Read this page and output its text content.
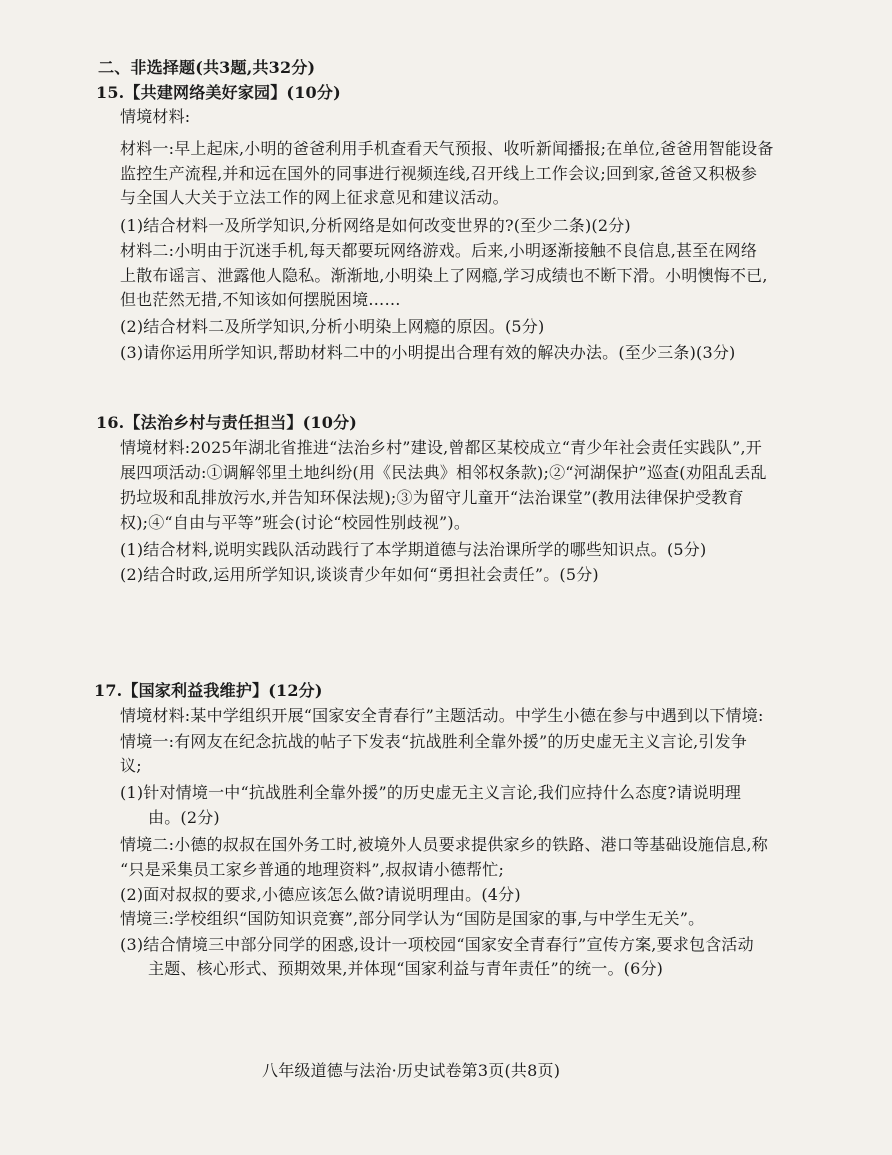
二、非选择题(共3题,共32分)
15.【共建网络美好家园】(10分)
情境材料:
材料一:早上起床,小明的爸爸利用手机查看天气预报、收听新闻播报;在单位,爸爸用智能设备
监控生产流程,并和远在国外的同事进行视频连线,召开线上工作会议;回到家,爸爸又积极参
与全国人大关于立法工作的网上征求意见和建议活动。
(1)结合材料一及所学知识,分析网络是如何改变世界的?(至少二条)(2分)
材料二:小明由于沉迷手机,每天都要玩网络游戏。后来,小明逐渐接触不良信息,甚至在网络
上散布谣言、泄露他人隐私。渐渐地,小明染上了网瘾,学习成绩也不断下滑。小明懊悔不已,
但也茫然无措,不知该如何摆脱困境……
(2)结合材料二及所学知识,分析小明染上网瘾的原因。(5分)
(3)请你运用所学知识,帮助材料二中的小明提出合理有效的解决办法。(至少三条)(3分)
16.【法治乡村与责任担当】(10分)
情境材料:2025年湖北省推进“法治乡村”建设,曾都区某校成立“青少年社会责任实践队”,开
展四项活动:①调解邻里土地纠纷(用《民法典》相邻权条款);②“河湖保护”巡查(劝阻乱丢乱
扔垃圾和乱排放污水,并告知环保法规);③为留守儿童开“法治课堂”(教用法律保护受教育
权);④“自由与平等”班会(讨论“校园性别歧视”)。
(1)结合材料,说明实践队活动践行了本学期道德与法治课所学的哪些知识点。(5分)
(2)结合时政,运用所学知识,谈谈青少年如何“勇担社会责任”。(5分)
17.【国家利益我维护】(12分)
情境材料:某中学组织开展“国家安全青春行”主题活动。中学生小德在参与中遇到以下情境:
情境一:有网友在纪念抗战的帖子下发表“抗战胜利全靠外援”的历史虚无主义言论,引发争
议;
(1)针对情境一中“抗战胜利全靠外援”的历史虚无主义言论,我们应持什么态度?请说明理
由。(2分)
情境二:小德的叔叔在国外务工时,被境外人员要求提供家乡的铁路、港口等基础设施信息,称
“只是采集员工家乡普通的地理资料”,叔叔请小德帮忙;
(2)面对叔叔的要求,小德应该怎么做?请说明理由。(4分)
情境三:学校组织“国防知识竞赛”,部分同学认为“国防是国家的事,与中学生无关”。
(3)结合情境三中部分同学的困惑,设计一项校园“国家安全青春行”宣传方案,要求包含活动
主题、核心形式、预期效果,并体现“国家利益与青年责任”的统一。(6分)
八年级道德与法治·历史试卷第3页(共8页)
